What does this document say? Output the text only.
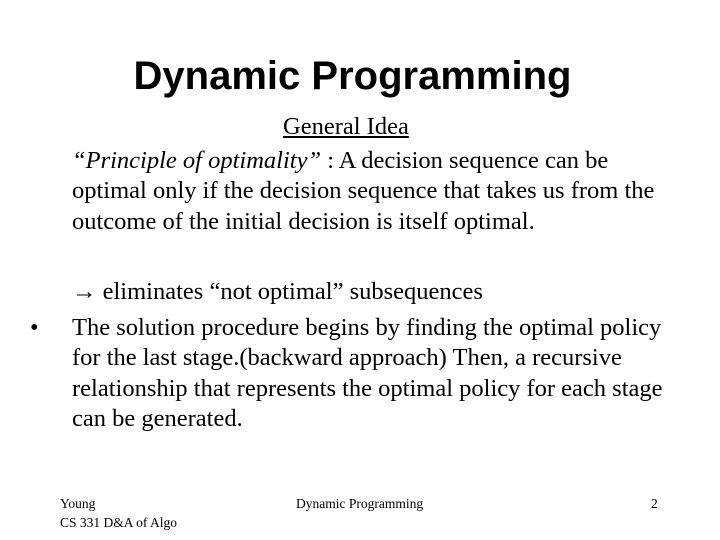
Dynamic Programming
General Idea
“Principle of optimality” : A decision sequence can be optimal only if the decision sequence that takes us from the outcome of the initial decision is itself optimal.
→ eliminates “not optimal” subsequences
• The solution procedure begins by finding the optimal policy for the last stage.(backward approach) Then, a recursive relationship that represents the optimal policy for each stage can be generated.
Young
CS 331 D&A of Algo
Dynamic Programming	2
